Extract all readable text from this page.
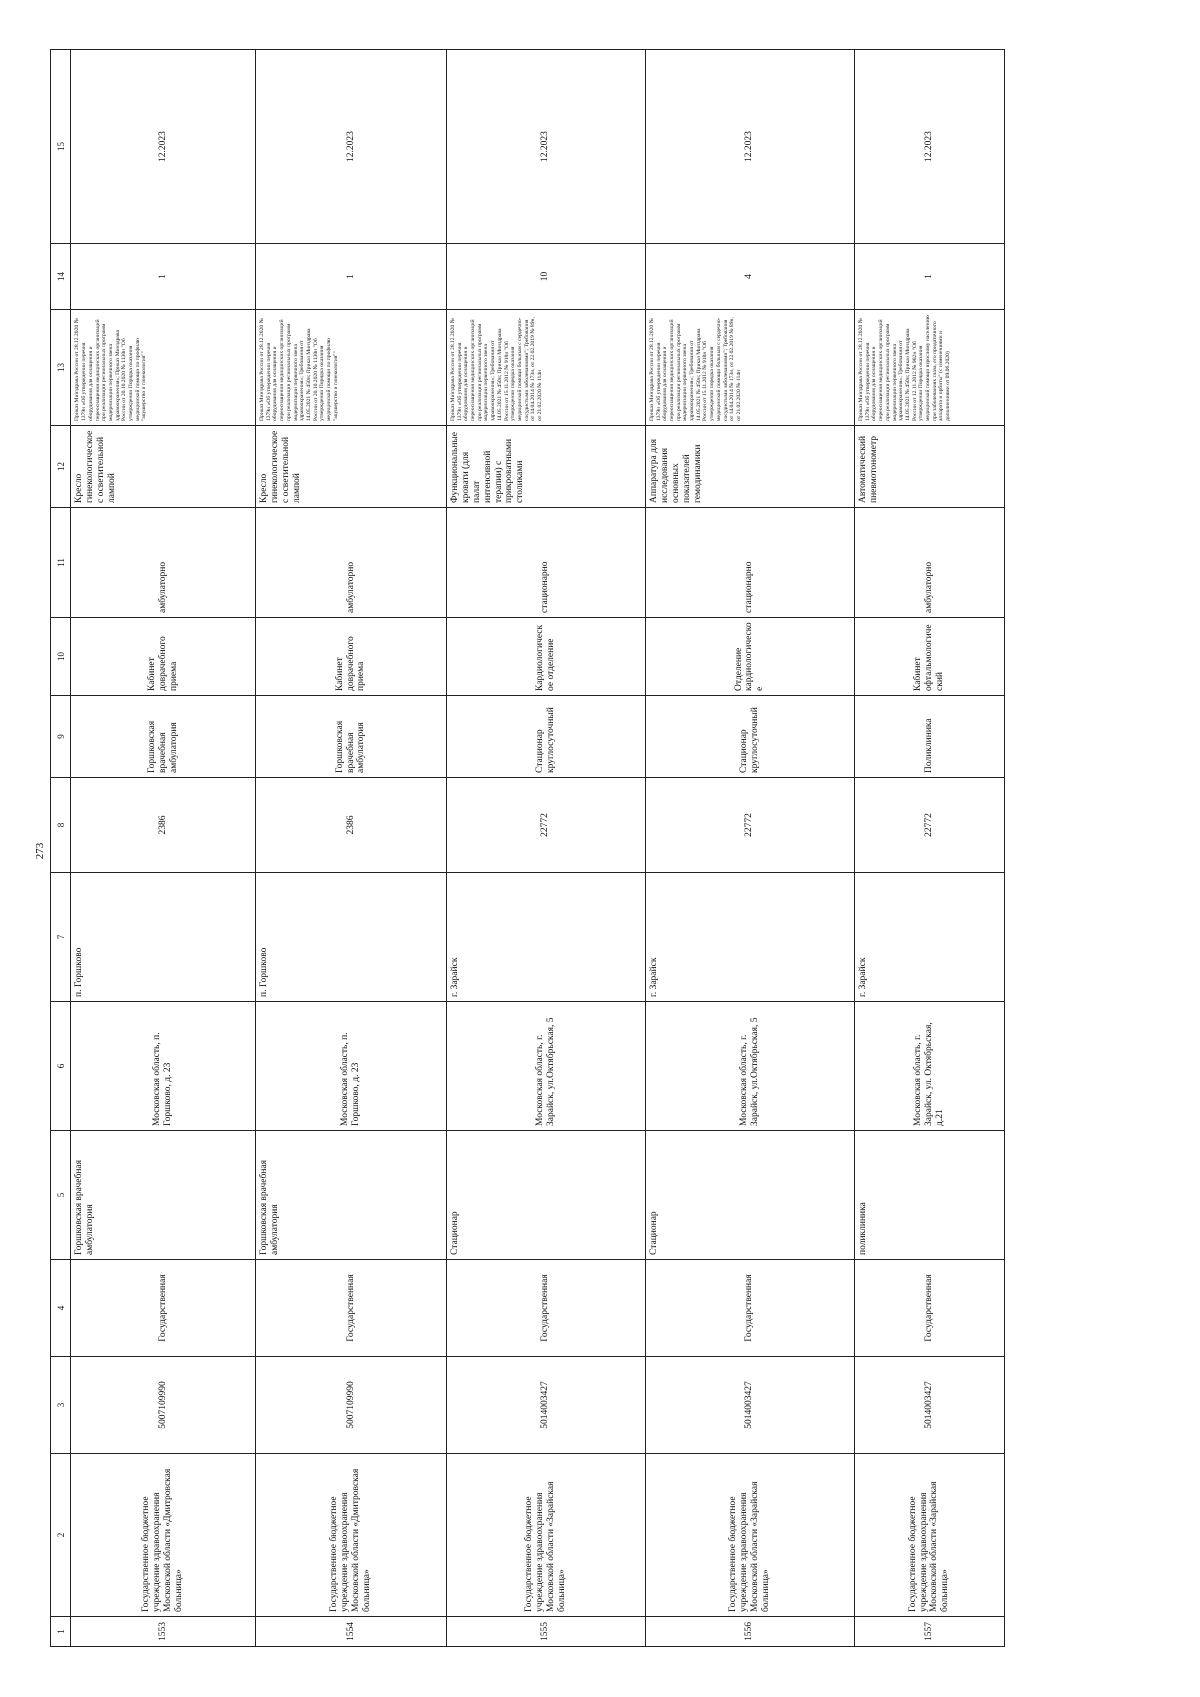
273
1	2	3	4	5	6	7	8	9	10	11	12	13	14	15
1553	Государственное бюджетное учреждение здравоохранения Московской области «Дмитровская больница»	5007109990	Государственная	Горшковская врачебная амбулатория	Московская область, п. Горшково, д. 23	п. Горшково	2386	Горшковская врачебная амбулатория	Кабинет доврачебного приема	амбулаторно	Кресло гинекологическое с осветительной лампой	Приказ Минздрава России от 28.12.2020 № 1379н «Об утверждении перечня оборудования для оснащения и переоснащения медицинских организаций при реализации региональных программ модернизации первичного звена здравоохранения»; Приказ Минздрава России от 20.10.2020 № 1130н "Об утверждении Порядка оказания медицинской помощи по профилю "акушерство и гинекология""	1	12.2023
1554	Государственное бюджетное учреждение здравоохранения Московской области «Дмитровская больница»	5007109990	Государственная	Горшковская врачебная амбулатория	Московская область, п. Горшково, д. 23	п. Горшково	2386	Горшковская врачебная амбулатория	Кабинет доврачебного приема	амбулаторно	Кресло гинекологическое с осветительной лампой	Приказ Минздрава России от 28.12.2020 № 1379н «Об утверждении перечня оборудования для оснащения и переоснащения медицинских организаций при реализации региональных программ модернизации первичного звена здравоохранения»; Требования от 14.05.2021 № 450н; Приказ Минздрава России от 20.10.2020 № 1130н "Об утверждении Порядка оказания медицинской помощи по профилю "акушерство и гинекология""	1	12.2023
1555	Государственное бюджетное учреждение здравоохранения Московской области «Зарайская больница»	5014003427	Государственная	Стационар	Московская область, г. Зарайск, ул.Октябрьская, 5	г. Зарайск	22772	Стационар круглосуточный	Кардиологическое отделение	стационарно	Функциональные кровати (для палат интенсивной терапии) с прикроватными столиками	Приказ Минздрава России от 28.12.2020 № 1379н «Об утверждении перечня оборудования для оснащения и переоснащения медицинских организаций при реализации региональных программ модернизации первичного звена здравоохранения»; Требования от 14.05.2021 № 450н; Приказ Минздрава России от 15.11.2012 № 918н "Об утверждении порядка оказания медицинской помощи больным с сердечно-сосудистыми заболеваниями"; Требования от 14.04.2014 № 173н, от 22.02.2019 № 89н, от 21.02.2020 № 114н	10	12.2023
1556	Государственное бюджетное учреждение здравоохранения Московской области «Зарайская больница»	5014003427	Государственная	Стационар	Московская область, г. Зарайск, ул.Октябрьская, 5	г. Зарайск	22772	Стационар круглосуточный	Отделение кардиологическое	стационарно	Аппаратура для исследования основных показателей гемодинамики	Приказ Минздрава России от 28.12.2020 № 1379н «Об утверждении перечня оборудования для оснащения и переоснащения медицинских организаций при реализации региональных программ модернизации первичного звена здравоохранения»; Требования от 14.05.2021 № 450н; Приказ Минздрава России от 15.11.2012 № 918н "Об утверждении порядка оказания медицинской помощи больным с сердечно-сосудистыми заболеваниями"; Требования от 14.04.2014 № 173н, от 22.02.2019 № 89н, от 21.02.2020 № 114н	4	12.2023
1557	Государственное бюджетное учреждение здравоохранения Московской области «Зарайская больница»	5014003427	Государственная	поликлиника	Московская область, г. Зарайск, ул. Октябрьская, д.21	г. Зарайск	22772	Поликлиника	Кабинет офтальмологический	амбулаторно	Автоматический пневмотонометр	Приказ Минздрава России от 28.12.2020 № 1379н «Об утверждении перечня оборудования для оснащения и переоснащения медицинских организаций при реализации региональных программ модернизации первичного звена здравоохранения»; Требования от 14.05.2021 № 450н; Приказ Минздрава России от 12.11.2012 № 902н "Об утверждении Порядка оказания медицинской помощи взрослому населению при заболеваниях глаза, его придаточного аппарата и орбиты" (с изменениями и дополнениями от 09.06.2020)	1	12.2023
